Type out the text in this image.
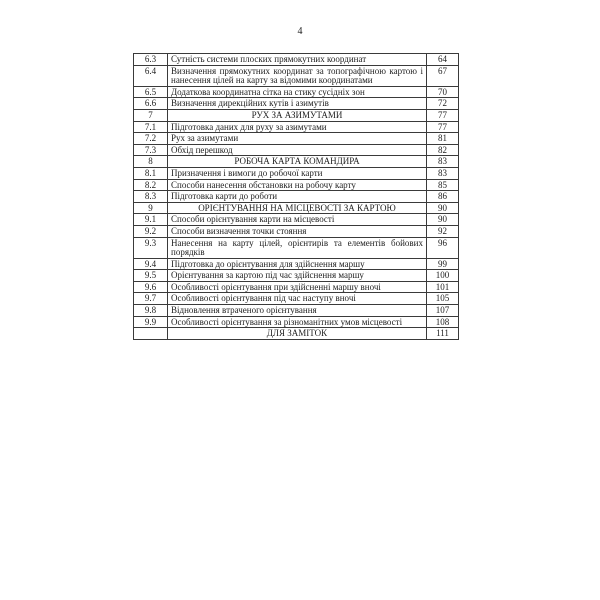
4
6.3	Сутність системи плоских прямокутних координат	64
6.4	Визначення прямокутних координат за топографічною картою і нанесення цілей на карту за відомими координатами	67
6.5	Додаткова координатна сітка на стику сусідніх зон	70
6.6	Визначення дирекційних кутів і азимутів	72
7	РУХ ЗА АЗИМУТАМИ	77
7.1	Підготовка даних для руху за азимутами	77
7.2	Рух за азимутами	81
7.3	Обхід перешкод	82
8	РОБОЧА КАРТА КОМАНДИРА	83
8.1	Призначення і вимоги до робочої карти	83
8.2	Способи нанесення обстановки на робочу карту	85
8.3	Підготовка карти до роботи	86
9	ОРІЄНТУВАННЯ НА МІСЦЕВОСТІ ЗА КАРТОЮ	90
9.1	Способи орієнтування карти на місцевості	90
9.2	Способи визначення точки стояння	92
9.3	Нанесення на карту цілей, орієнтирів та елементів бойових порядків	96
9.4	Підготовка до орієнтування для здійснення маршу	99
9.5	Орієнтування за картою під час здійснення маршу	100
9.6	Особливості орієнтування при здійсненні маршу вночі	101
9.7	Особливості орієнтування під час наступу вночі	105
9.8	Відновлення втраченого орієнтування	107
9.9	Особливості орієнтування за різноманітних умов місцевості	108
	ДЛЯ ЗАМІТОК	111
